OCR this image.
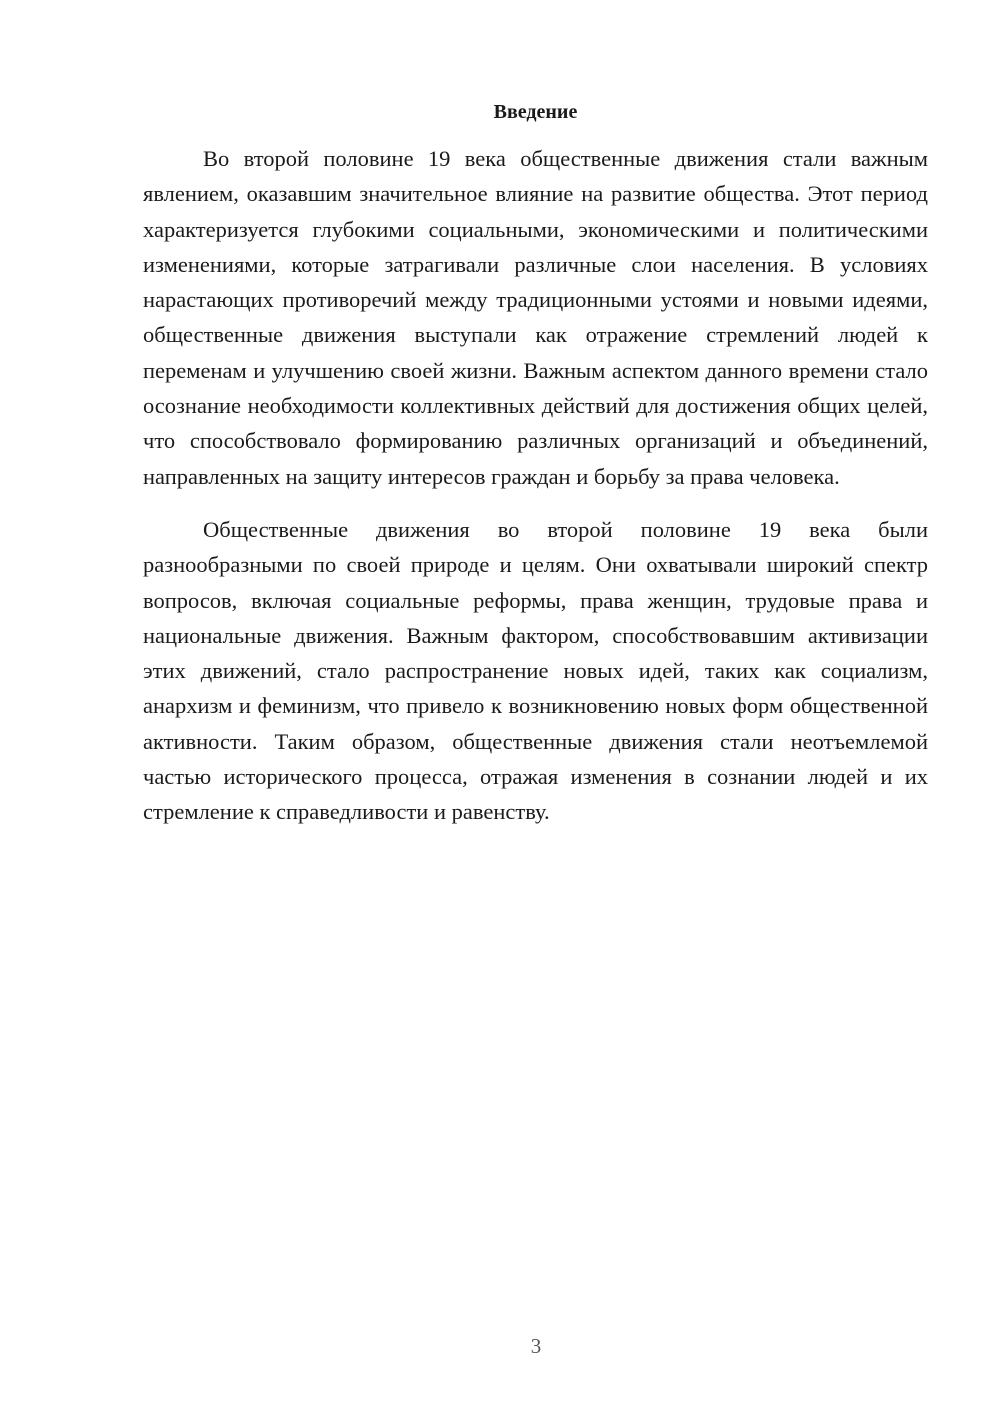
Введение

Во второй половине 19 века общественные движения стали важным явлением, оказавшим значительное влияние на развитие общества. Этот период характеризуется глубокими социальными, экономическими и политическими изменениями, которые затрагивали различные слои населения. В условиях нарастающих противоречий между традиционными устоями и новыми идеями, общественные движения выступали как отражение стремлений людей к переменам и улучшению своей жизни. Важным аспектом данного времени стало осознание необходимости коллективных действий для достижения общих целей, что способствовало формированию различных организаций и объединений, направленных на защиту интересов граждан и борьбу за права человека.

Общественные движения во второй половине 19 века были разнообразными по своей природе и целям. Они охватывали широкий спектр вопросов, включая социальные реформы, права женщин, трудовые права и национальные движения. Важным фактором, способствовавшим активизации этих движений, стало распространение новых идей, таких как социализм, анархизм и феминизм, что привело к возникновению новых форм общественной активности. Таким образом, общественные движения стали неотъемлемой частью исторического процесса, отражая изменения в сознании людей и их стремление к справедливости и равенству.

3
